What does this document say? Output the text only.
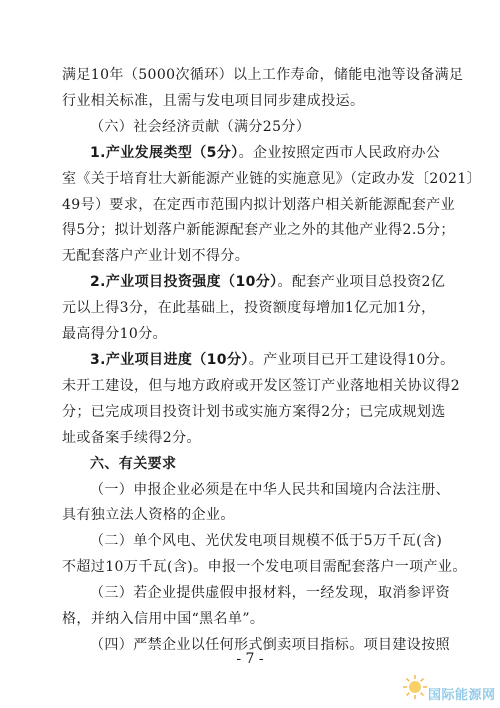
满足10年（5000次循环）以上工作寿命，储能电池等设备满足
行业相关标准，且需与发电项目同步建成投运。
（六）社会经济贡献（满分25分）
1.产业发展类型（5分）。企业按照定西市人民政府办公
室《关于培育壮大新能源产业链的实施意见》（定政办发〔2021〕
49号）要求，在定西市范围内拟计划落户相关新能源配套产业
得5分；拟计划落户新能源配套产业之外的其他产业得2.5分；
无配套落户产业计划不得分。
2.产业项目投资强度（10分）。配套产业项目总投资2亿
元以上得3分，在此基础上，投资额度每增加1亿元加1分，
最高得分10分。
3.产业项目进度（10分）。产业项目已开工建设得10分。
未开工建设，但与地方政府或开发区签订产业落地相关协议得2
分；已完成项目投资计划书或实施方案得2分；已完成规划选
址或备案手续得2分。
六、有关要求
（一）申报企业必须是在中华人民共和国境内合法注册、
具有独立法人资格的企业。
（二）单个风电、光伏发电项目规模不低于5万千瓦(含)
不超过10万千瓦(含)。申报一个发电项目需配套落户一项产业。
（三）若企业提供虚假申报材料，一经发现，取消参评资
格，并纳入信用中国“黑名单”。
（四）严禁企业以任何形式倒卖项目指标。项目建设按照
- 7 -
国际能源网
